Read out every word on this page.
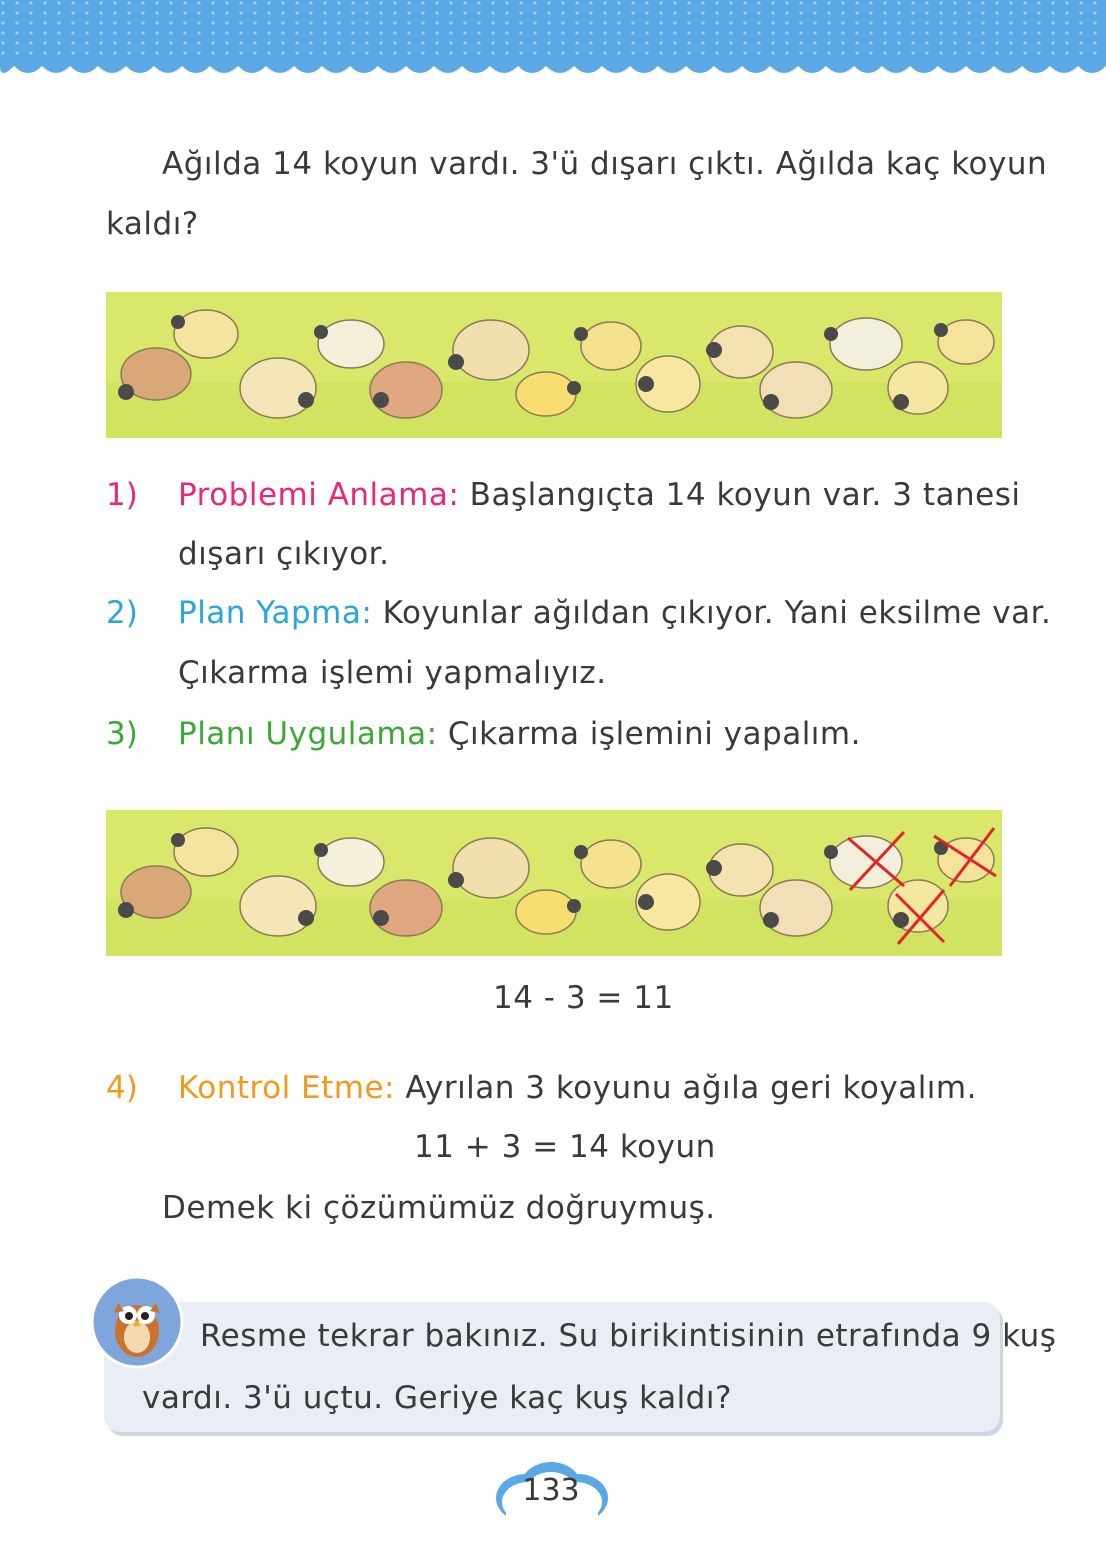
Ağılda 14 koyun vardı. 3'ü dışarı çıktı. Ağılda kaç koyun
kaldı?
1) Problemi Anlama: Başlangıçta 14 koyun var. 3 tanesi
dışarı çıkıyor.
2) Plan Yapma: Koyunlar ağıldan çıkıyor. Yani eksilme var.
Çıkarma işlemi yapmalıyız.
3) Planı Uygulama: Çıkarma işlemini yapalım.
14 - 3 = 11
4) Kontrol Etme: Ayrılan 3 koyunu ağıla geri koyalım.
11 + 3 = 14 koyun
Demek ki çözümümüz doğruymuş.
Resme tekrar bakınız. Su birikintisinin etrafında 9 kuş
vardı. 3'ü uçtu. Geriye kaç kuş kaldı?
133
